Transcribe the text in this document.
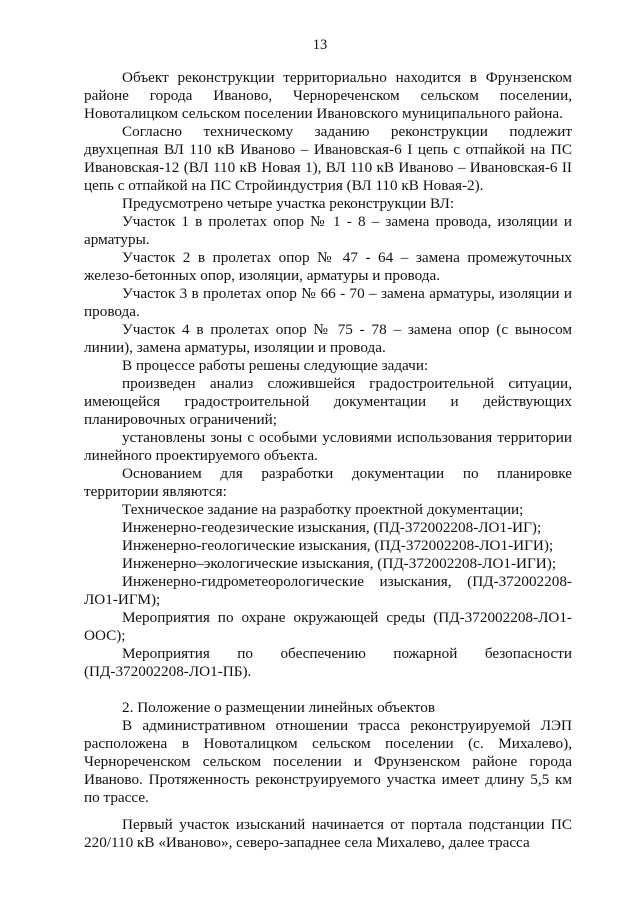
13

Объект реконструкции территориально находится в Фрунзенском районе города Иваново, Чернореченском сельском поселении, Новоталицком сельском поселении Ивановского муниципального района.

Согласно техническому заданию реконструкции подлежит двухцепная ВЛ 110 кВ Иваново – Ивановская-6 I цепь с отпайкой на ПС Ивановская-12 (ВЛ 110 кВ Новая 1), ВЛ 110 кВ Иваново – Ивановская-6 II цепь с отпайкой на ПС Стройиндустрия (ВЛ 110 кВ Новая-2).

Предусмотрено четыре участка реконструкции ВЛ:

Участок 1 в пролетах опор № 1 - 8 – замена провода, изоляции и арматуры.

Участок 2 в пролетах опор № 47 - 64 – замена промежуточных железо-бетонных опор, изоляции, арматуры и провода.

Участок 3 в пролетах опор № 66 - 70 – замена арматуры, изоляции и провода.

Участок 4 в пролетах опор № 75 - 78 – замена опор (с выносом линии), замена арматуры, изоляции и провода.

В процессе работы решены следующие задачи:

произведен анализ сложившейся градостроительной ситуации, имеющейся градостроительной документации и действующих планировочных ограничений;

установлены зоны с особыми условиями использования территории линейного проектируемого объекта.

Основанием для разработки документации по планировке территории являются:

Техническое задание на разработку проектной документации;

Инженерно-геодезические изыскания, (ПД-372002208-ЛО1-ИГ);

Инженерно-геологические изыскания, (ПД-372002208-ЛО1-ИГИ);

Инженерно–экологические изыскания, (ПД-372002208-ЛО1-ИГИ);

Инженерно-гидрометеорологические изыскания, (ПД-372002208-ЛО1-ИГМ);

Мероприятия по охране окружающей среды (ПД-372002208-ЛО1-ООС);

Мероприятия по обеспечению пожарной безопасности (ПД-372002208-ЛО1-ПБ).

2. Положение о размещении линейных объектов

В административном отношении трасса реконструируемой ЛЭП расположена в Новоталицком сельском поселении (с. Михалево), Чернореченском сельском поселении и Фрунзенском районе города Иваново. Протяженность реконструируемого участка имеет длину 5,5 км по трассе.

Первый участок изысканий начинается от портала подстанции ПС 220/110 кВ «Иваново», северо-западнее села Михалево, далее трасса
